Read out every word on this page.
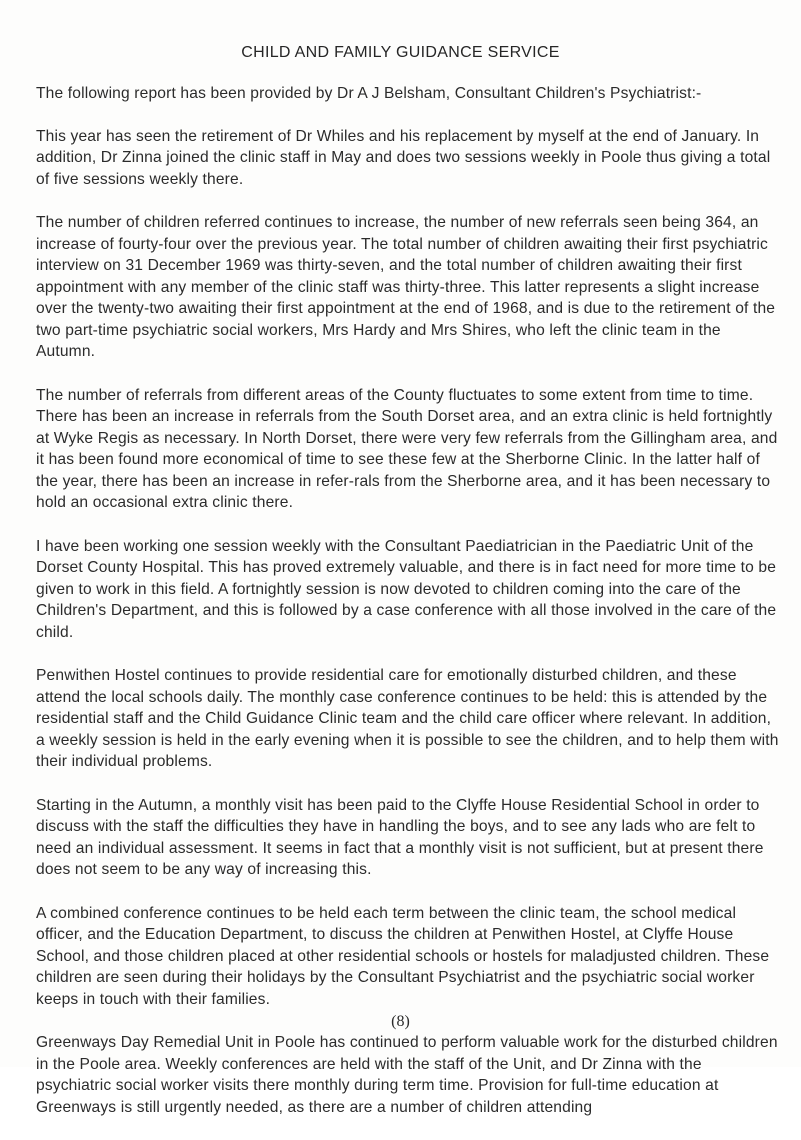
CHILD AND FAMILY GUIDANCE SERVICE

The following report has been provided by Dr A J Belsham, Consultant Children's Psychiatrist:-

This year has seen the retirement of Dr Whiles and his replacement by myself at the end of January. In addition, Dr Zinna joined the clinic staff in May and does two sessions weekly in Poole thus giving a total of five sessions weekly there.

The number of children referred continues to increase, the number of new referrals seen being 364, an increase of fourty-four over the previous year. The total number of children awaiting their first psychiatric interview on 31 December 1969 was thirty-seven, and the total number of children awaiting their first appointment with any member of the clinic staff was thirty-three. This latter represents a slight increase over the twenty-two awaiting their first appointment at the end of 1968, and is due to the retirement of the two part-time psychiatric social workers, Mrs Hardy and Mrs Shires, who left the clinic team in the Autumn.

The number of referrals from different areas of the County fluctuates to some extent from time to time. There has been an increase in referrals from the South Dorset area, and an extra clinic is held fortnightly at Wyke Regis as necessary. In North Dorset, there were very few referrals from the Gillingham area, and it has been found more economical of time to see these few at the Sherborne Clinic. In the latter half of the year, there has been an increase in refer-rals from the Sherborne area, and it has been necessary to hold an occasional extra clinic there.

I have been working one session weekly with the Consultant Paediatrician in the Paediatric Unit of the Dorset County Hospital. This has proved extremely valuable, and there is in fact need for more time to be given to work in this field. A fortnightly session is now devoted to children coming into the care of the Children's Department, and this is followed by a case conference with all those involved in the care of the child.

Penwithen Hostel continues to provide residential care for emotionally disturbed children, and these attend the local schools daily. The monthly case conference continues to be held: this is attended by the residential staff and the Child Guidance Clinic team and the child care officer where relevant. In addition, a weekly session is held in the early evening when it is possible to see the children, and to help them with their individual problems.

Starting in the Autumn, a monthly visit has been paid to the Clyffe House Residential School in order to discuss with the staff the difficulties they have in handling the boys, and to see any lads who are felt to need an individual assessment. It seems in fact that a monthly visit is not sufficient, but at present there does not seem to be any way of increasing this.

A combined conference continues to be held each term between the clinic team, the school medical officer, and the Education Department, to discuss the children at Penwithen Hostel, at Clyffe House School, and those children placed at other residential schools or hostels for maladjusted children. These children are seen during their holidays by the Consultant Psychiatrist and the psychiatric social worker keeps in touch with their families.

Greenways Day Remedial Unit in Poole has continued to perform valuable work for the disturbed children in the Poole area. Weekly conferences are held with the staff of the Unit, and Dr Zinna with the psychiatric social worker visits there monthly during term time. Provision for full-time education at Greenways is still urgently needed, as there are a number of children attending

(8)
